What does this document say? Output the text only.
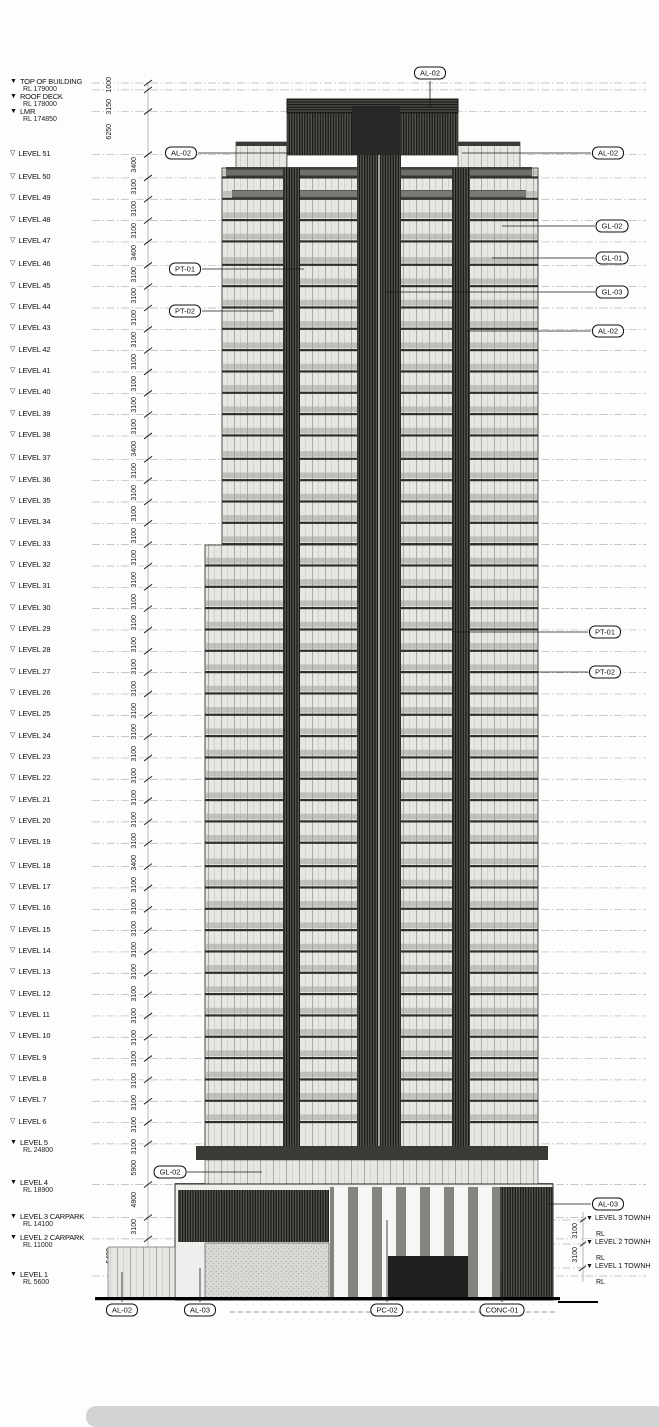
▼ TOP OF BUILDING
RL 179000
▼ ROOF DECK
RL 178000
▼ LMR
RL 174850
▽ LEVEL 51
▽ LEVEL 50
▽ LEVEL 49
▽ LEVEL 48
▽ LEVEL 47
▽ LEVEL 46
▽ LEVEL 45
▽ LEVEL 44
▽ LEVEL 43
▽ LEVEL 42
▽ LEVEL 41
▽ LEVEL 40
▽ LEVEL 39
▽ LEVEL 38
▽ LEVEL 37
▽ LEVEL 36
▽ LEVEL 35
▽ LEVEL 34
▽ LEVEL 33
▽ LEVEL 32
▽ LEVEL 31
▽ LEVEL 30
▽ LEVEL 29
▽ LEVEL 28
▽ LEVEL 27
▽ LEVEL 26
▽ LEVEL 25
▽ LEVEL 24
▽ LEVEL 23
▽ LEVEL 22
▽ LEVEL 21
▽ LEVEL 20
▽ LEVEL 19
▽ LEVEL 18
▽ LEVEL 17
▽ LEVEL 16
▽ LEVEL 15
▽ LEVEL 14
▽ LEVEL 13
▽ LEVEL 12
▽ LEVEL 11
▽ LEVEL 10
▽ LEVEL 9
▽ LEVEL 8
▽ LEVEL 7
▽ LEVEL 6
▼ LEVEL 5
RL 24800
▼ LEVEL 4
RL 18900
▼ LEVEL 3 CARPARK
RL 14100
▼ LEVEL 2 CARPARK
RL 11000
▼ LEVEL 1
RL 5600
1000
3150
6250
3400
3100
3100
3100
3400
3100
3100
3100
3100
3100
3100
3100
3100
3400
3100
3100
3100
3100
3100
3100
3100
3100
3100
3100
3100
3100
3100
3100
3100
3100
3100
3100
3400
3100
3100
3100
3100
3100
3100
3100
3100
3100
3100
3100
3100
3100
5900
4800
3100	3100
3100
AL-02
AL-02	AL-02
GL-02
GL-01
PT-01
GL-03
PT-02
AL-02
PT-01
PT-02
GL-02
AL-03
AL-02	AL-03	PC-02	CONC-01
▼ LEVEL 3 TOWNH
RL
▼ LEVEL 2 TOWNH
RL
▼ LEVEL 1 TOWNH
RL
